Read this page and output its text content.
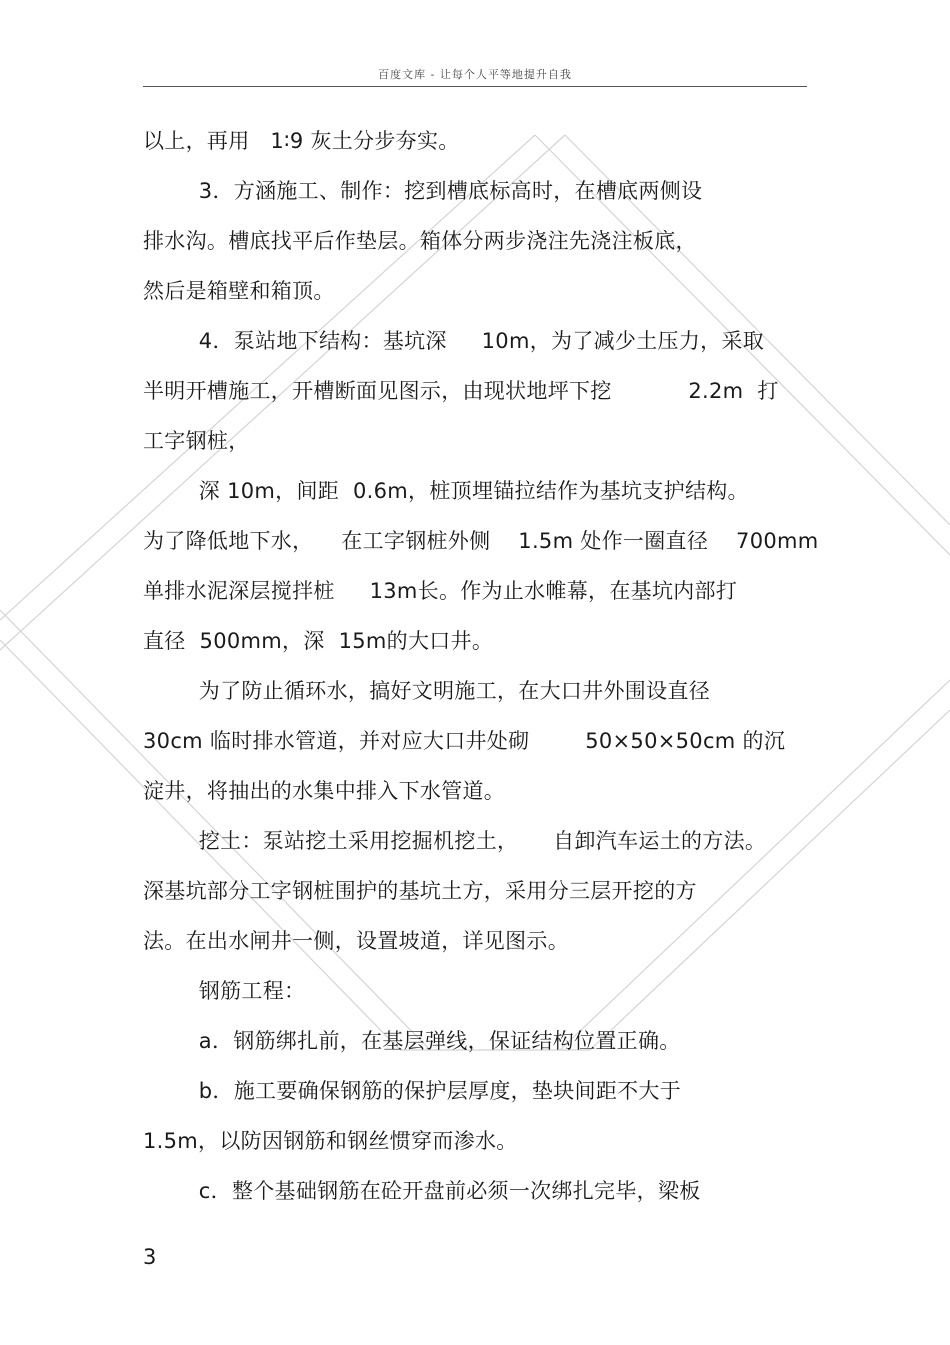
百度文库 - 让每个人平等地提升自我
以上，再用   1∶9 灰土分步夯实。
3．方涵施工、制作：挖到槽底标高时，在槽底两侧设
排水沟。槽底找平后作垫层。箱体分两步浇注先浇注板底，
然后是箱壁和箱顶。
4．泵站地下结构：基坑深     10m，为了减少土压力，采取
半明开槽施工，开槽断面见图示，由现状地坪下挖           2.2m  打
工字钢桩，
深 10m，间距  0.6m，桩顶埋锚拉结作为基坑支护结构。
为了降低地下水，    在工字钢桩外侧    1.5m 处作一圈直径    700mm
单排水泥深层搅拌桩     13m长。作为止水帷幕，在基坑内部打
直径  500mm，深  15m的大口井。
为了防止循环水，搞好文明施工，在大口井外围设直径
30cm 临时排水管道，并对应大口井处砌        50×50×50cm 的沉
淀井，将抽出的水集中排入下水管道。
挖土：泵站挖土采用挖掘机挖土，     自卸汽车运土的方法。
深基坑部分工字钢桩围护的基坑土方，采用分三层开挖的方
法。在出水闸井一侧，设置坡道，详见图示。
钢筋工程：
a．钢筋绑扎前，在基层弹线，保证结构位置正确。
b．施工要确保钢筋的保护层厚度，垫块间距不大于
1.5m，以防因钢筋和钢丝惯穿而渗水。
c．整个基础钢筋在砼开盘前必须一次绑扎完毕，梁板
3
